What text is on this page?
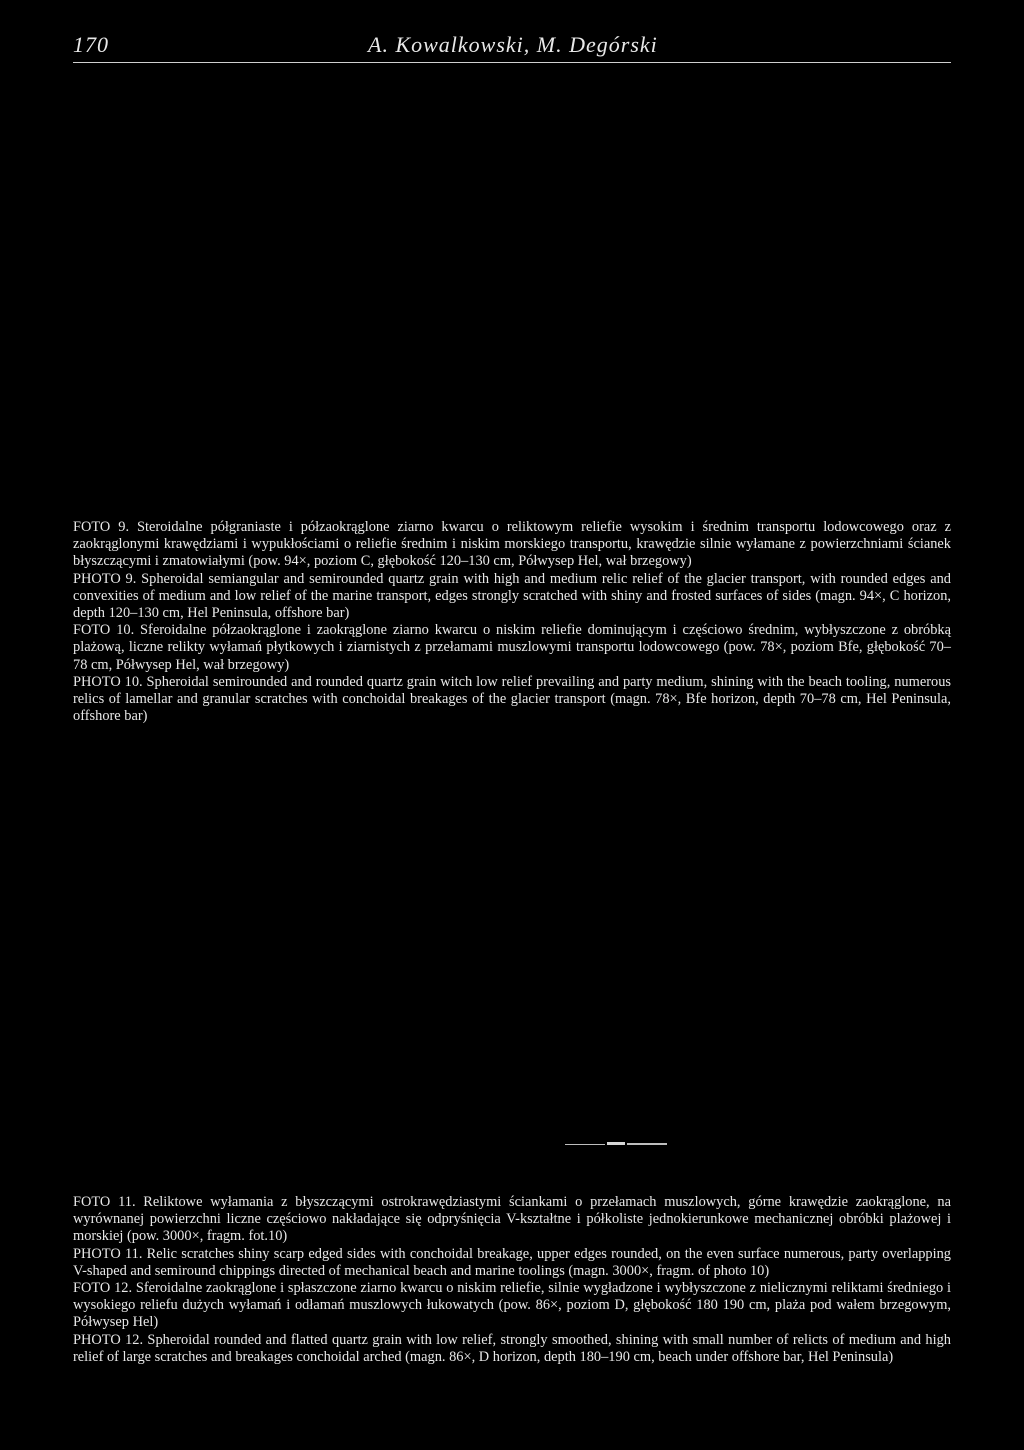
170	A. Kowalkowski, M. Degórski

FOTO 9. Steroidalne półgraniaste i półzaokrąglone ziarno kwarcu o reliktowym reliefie wysokim i średnim transportu lodowcowego oraz z zaokrąglonymi krawędziami i wypukłościami o reliefie średnim i niskim morskiego transportu, krawędzie silnie wyłamane z powierzchniami ścianek błyszczącymi i zmatowiałymi (pow. 94×, poziom C, głębokość 120–130 cm, Półwysep Hel, wał brzegowy)

PHOTO 9. Spheroidal semiangular and semirounded quartz grain with high and medium relic relief of the glacier transport, with rounded edges and convexities of medium and low relief of the marine transport, edges strongly scratched with shiny and frosted surfaces of sides (magn. 94×, C horizon, depth 120–130 cm, Hel Peninsula, offshore bar)

FOTO 10. Sferoidalne półzaokrąglone i zaokrąglone ziarno kwarcu o niskim reliefie dominującym i częściowo średnim, wybłyszczone z obróbką plażową, liczne relikty wyłamań płytkowych i ziarnistych z przełamami muszlowymi transportu lodowcowego (pow. 78×, poziom Bfe, głębokość 70–78 cm, Półwysep Hel, wał brzegowy)

PHOTO 10. Spheroidal semirounded and rounded quartz grain witch low relief prevailing and party medium, shining with the beach tooling, numerous relics of lamellar and granular scratches with conchoidal breakages of the glacier transport (magn. 78×, Bfe horizon, depth 70–78 cm, Hel Peninsula, offshore bar)

FOTO 11. Reliktowe wyłamania z błyszczącymi ostrokrawędziastymi ściankami o przełamach muszlowych, górne krawędzie zaokrąglone, na wyrównanej powierzchni liczne częściowo nakładające się odpryśnięcia V-kształtne i półkoliste jednokierunkowe mechanicznej obróbki plażowej i morskiej (pow. 3000×, fragm. fot.10)

PHOTO 11. Relic scratches shiny scarp edged sides with conchoidal breakage, upper edges rounded, on the even surface numerous, party overlapping V-shaped and semiround chippings directed of mechanical beach and marine toolings (magn. 3000×, fragm. of photo 10)

FOTO 12. Sferoidalne zaokrąglone i spłaszczone ziarno kwarcu o niskim reliefie, silnie wygładzone i wybłyszczone z nielicznymi reliktami średniego i wysokiego reliefu dużych wyłamań i odłamań muszlowych łukowatych (pow. 86×, poziom D, głębokość 180 190 cm, plaża pod wałem brzegowym, Półwysep Hel)

PHOTO 12. Spheroidal rounded and flatted quartz grain with low relief, strongly smoothed, shining with small number of relicts of medium and high relief of large scratches and breakages conchoidal arched (magn. 86×, D horizon, depth 180–190 cm, beach under offshore bar, Hel Peninsula)
